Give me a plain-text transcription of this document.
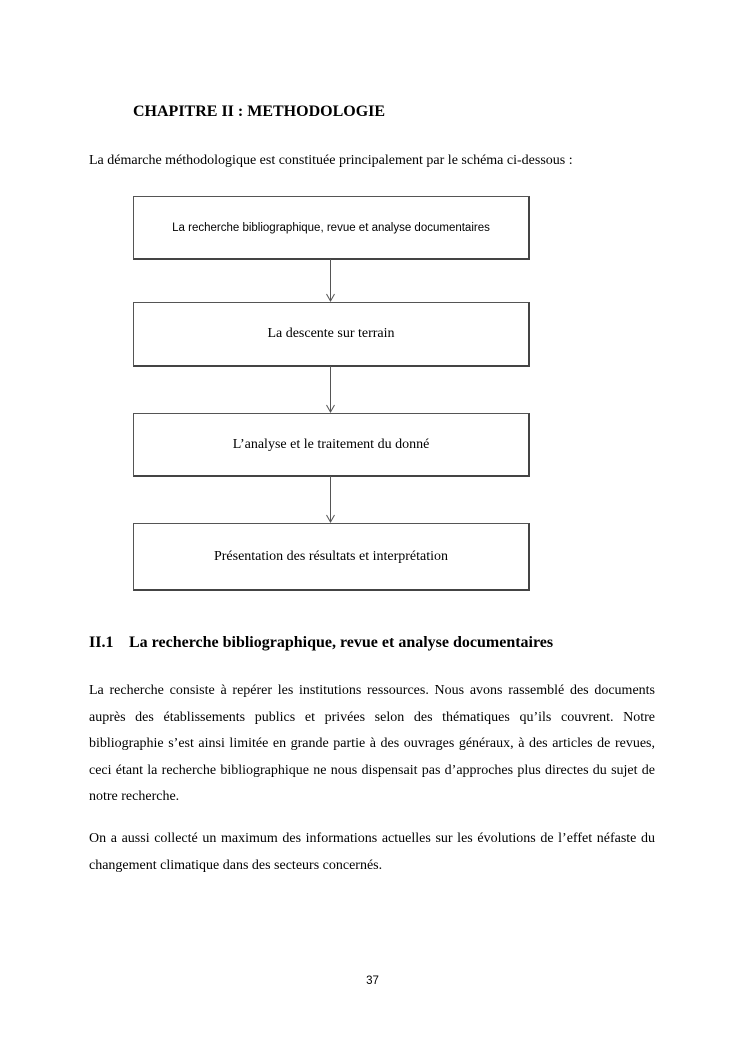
CHAPITRE II : METHODOLOGIE

La démarche méthodologique est constituée principalement par le schéma ci-dessous :

La recherche bibliographique, revue et analyse documentaires
La descente sur terrain
L’analyse et le traitement du donné
Présentation des résultats et interprétation
II.1 La recherche bibliographique, revue et analyse documentaires

La recherche consiste à repérer les institutions ressources. Nous avons rassemblé des documents auprès des établissements publics et privées selon des thématiques qu’ils couvrent. Notre bibliographie s’est ainsi limitée en grande partie à des ouvrages généraux, à des articles de revues, ceci étant la recherche bibliographique ne nous dispensait pas d’approches plus directes du sujet de notre recherche.

On a aussi collecté un maximum des informations actuelles sur les évolutions de l’effet néfaste du changement climatique dans des secteurs concernés.

37
